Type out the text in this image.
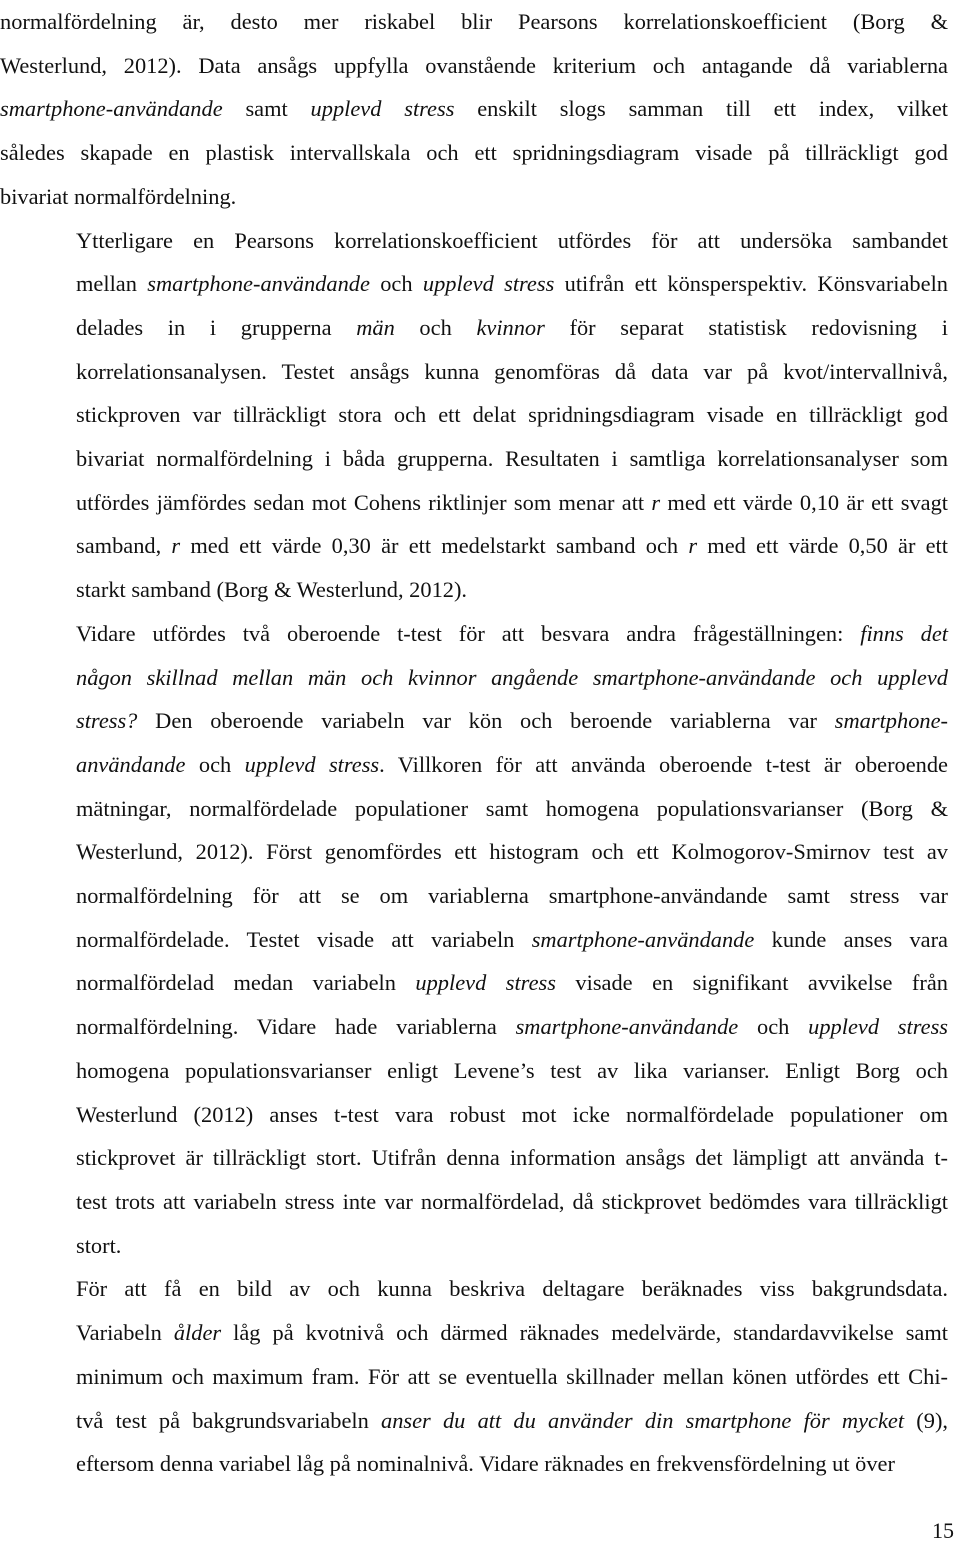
normalfördelning är, desto mer riskabel blir Pearsons korrelationskoefficient (Borg &
Westerlund, 2012). Data ansågs uppfylla ovanstående kriterium och antagande då variablerna
smartphone-användande samt upplevd stress enskilt slogs samman till ett index, vilket
således skapade en plastisk intervallskala och ett spridningsdiagram visade på tillräckligt god
bivariat normalfördelning.
Ytterligare en Pearsons korrelationskoefficient utfördes för att undersöka sambandet
mellan smartphone-användande och upplevd stress utifrån ett könsperspektiv. Könsvariabeln
delades in i grupperna män och kvinnor för separat statistisk redovisning i
korrelationsanalysen. Testet ansågs kunna genomföras då data var på kvot/intervallnivå,
stickproven var tillräckligt stora och ett delat spridningsdiagram visade en tillräckligt god
bivariat normalfördelning i båda grupperna. Resultaten i samtliga korrelationsanalyser som
utfördes jämfördes sedan mot Cohens riktlinjer som menar att r med ett värde 0,10 är ett svagt
samband, r med ett värde 0,30 är ett medelstarkt samband och r med ett värde 0,50 är ett
starkt samband (Borg & Westerlund, 2012).
Vidare utfördes två oberoende t-test för att besvara andra frågeställningen: finns det
någon skillnad mellan män och kvinnor angående smartphone-användande och upplevd
stress? Den oberoende variabeln var kön och beroende variablerna var smartphone-
användande och upplevd stress. Villkoren för att använda oberoende t-test är oberoende
mätningar, normalfördelade populationer samt homogena populationsvarianser (Borg &
Westerlund, 2012). Först genomfördes ett histogram och ett Kolmogorov-Smirnov test av
normalfördelning för att se om variablerna smartphone-användande samt stress var
normalfördelade. Testet visade att variabeln smartphone-användande kunde anses vara
normalfördelad medan variabeln upplevd stress visade en signifikant avvikelse från
normalfördelning. Vidare hade variablerna smartphone-användande och upplevd stress
homogena populationsvarianser enligt Levene’s test av lika varianser. Enligt Borg och
Westerlund (2012) anses t-test vara robust mot icke normalfördelade populationer om
stickprovet är tillräckligt stort. Utifrån denna information ansågs det lämpligt att använda t-
test trots att variabeln stress inte var normalfördelad, då stickprovet bedömdes vara tillräckligt
stort.
För att få en bild av och kunna beskriva deltagare beräknades viss bakgrundsdata.
Variabeln ålder låg på kvotnivå och därmed räknades medelvärde, standardavvikelse samt
minimum och maximum fram. För att se eventuella skillnader mellan könen utfördes ett Chi-
två test på bakgrundsvariabeln anser du att du använder din smartphone för mycket (9),
eftersom denna variabel låg på nominalnivå. Vidare räknades en frekvensfördelning ut över
15
